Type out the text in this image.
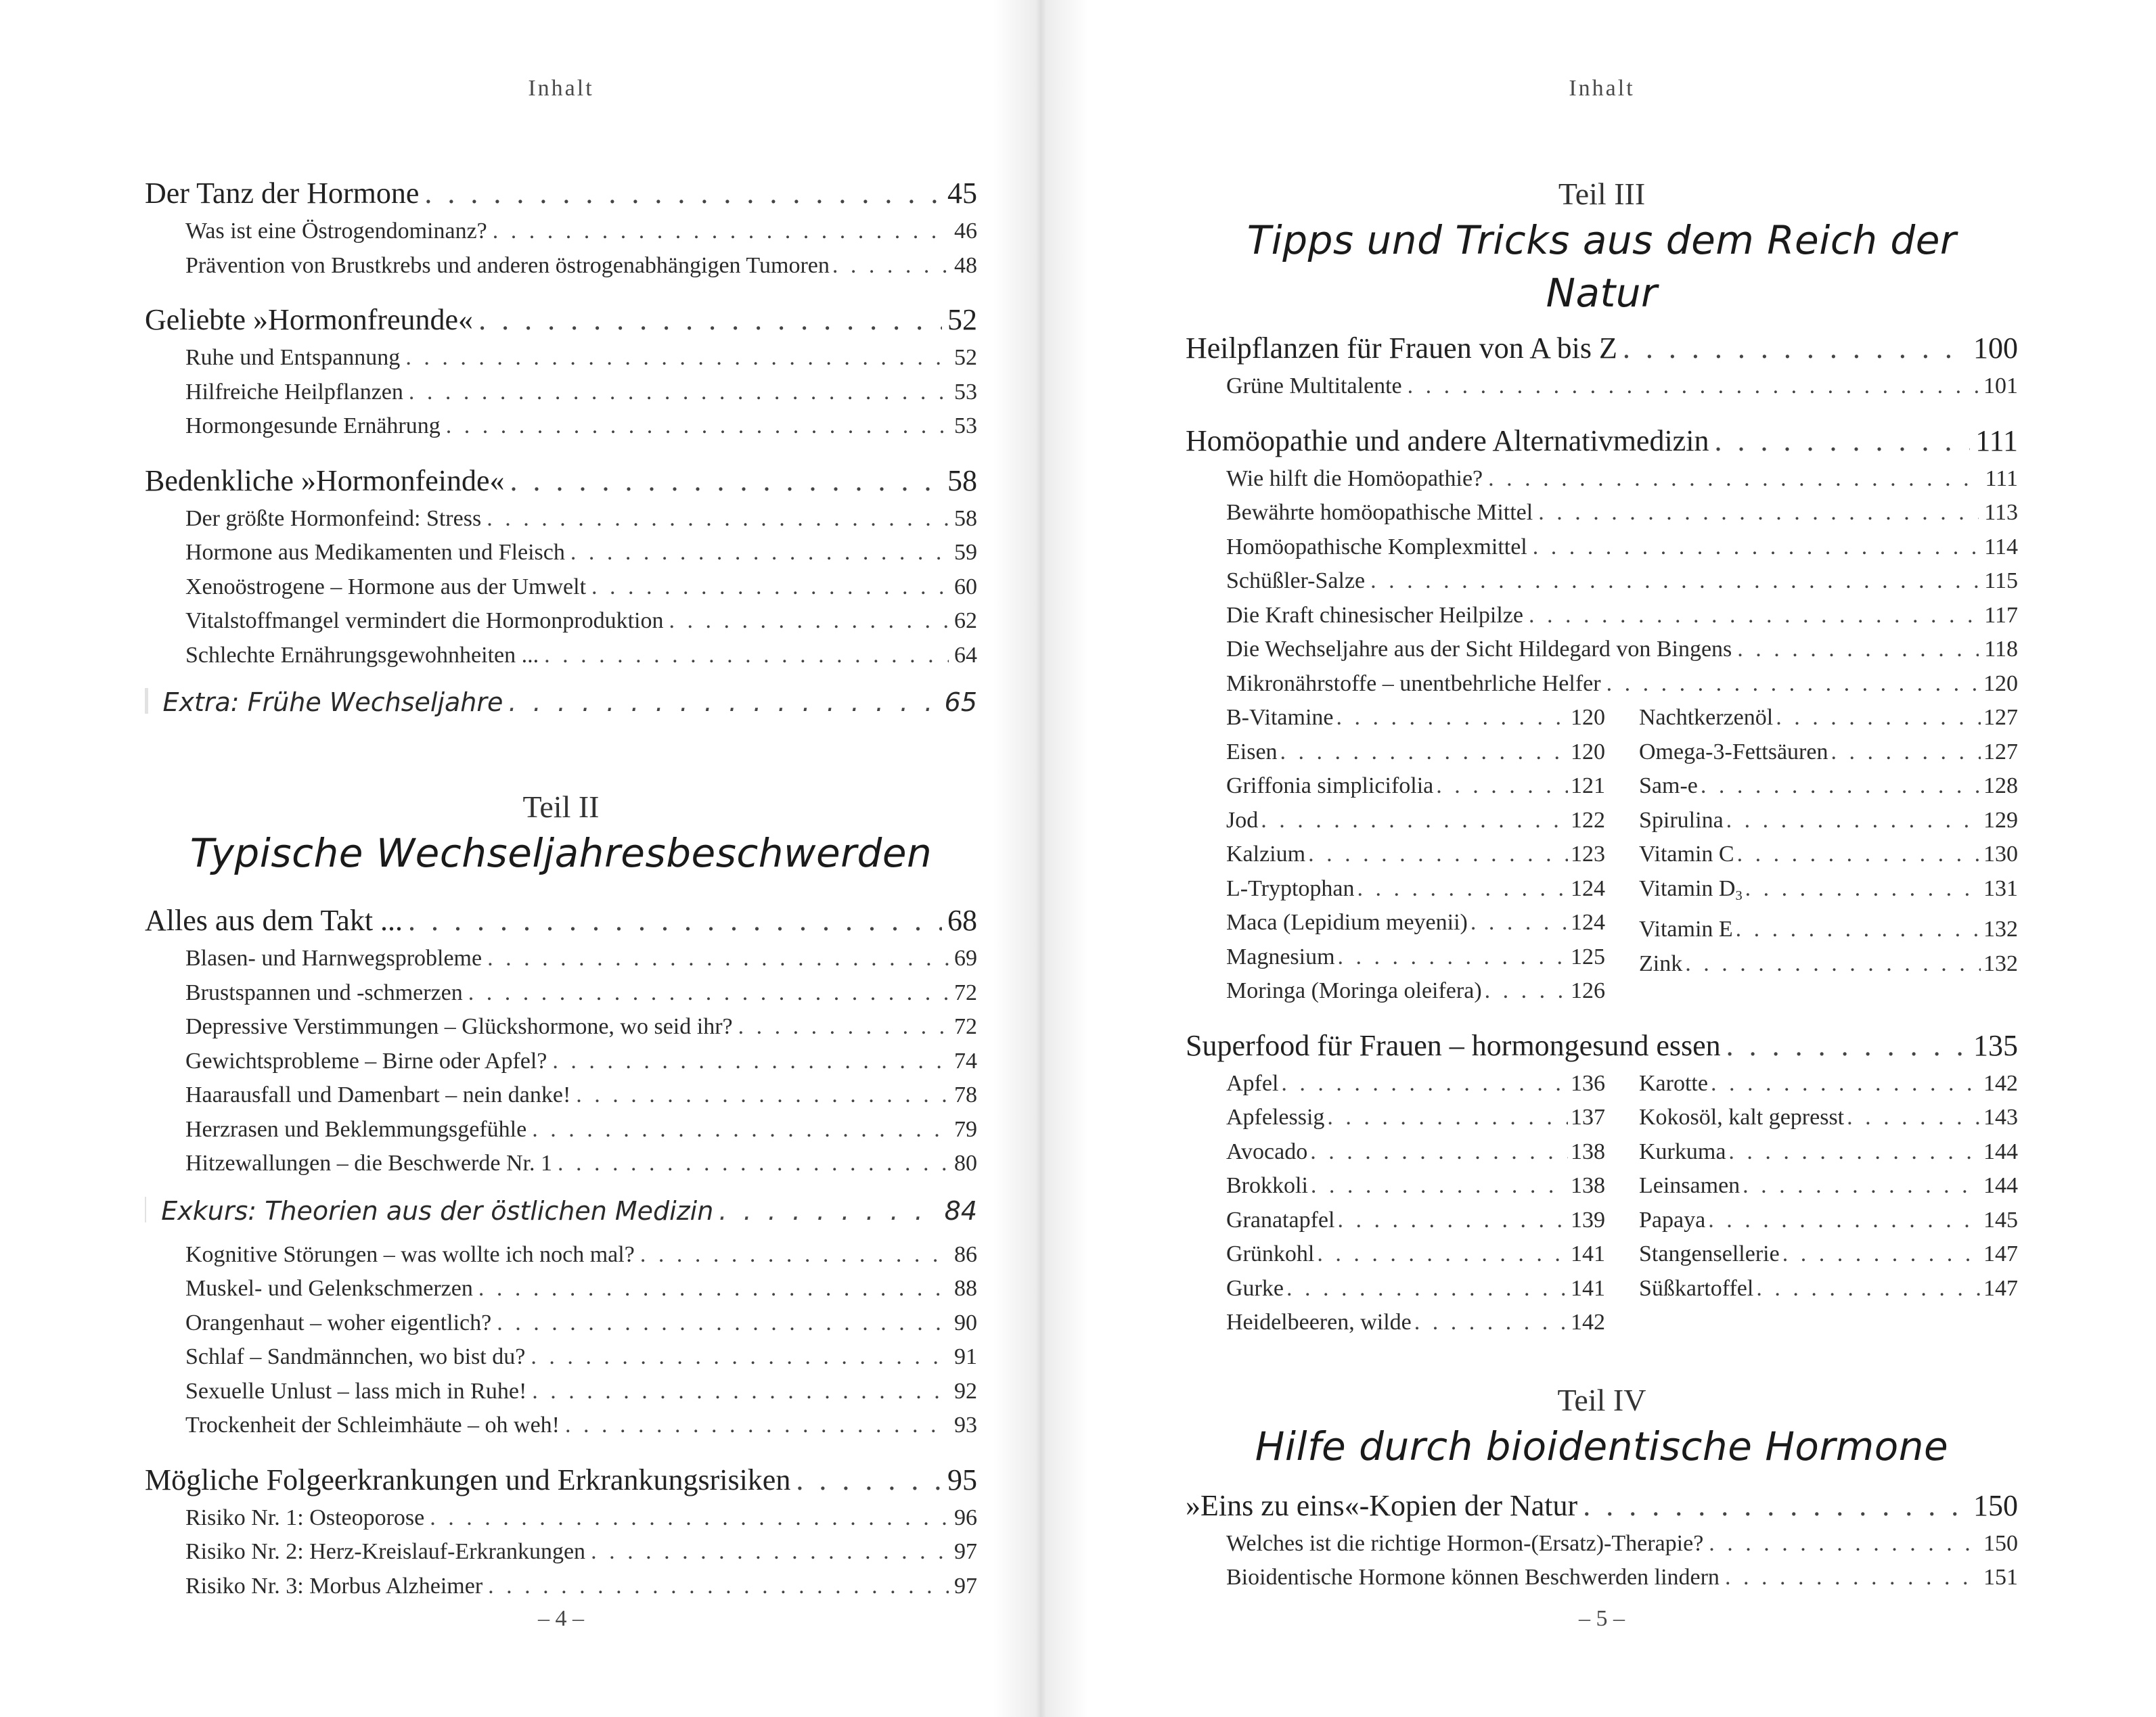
Inhalt
Der Tanz der Hormone . . .	45
Was ist eine Östrogendominanz? . . .	46
Prävention von Brustkrebs und anderen östrogenabhängigen Tumoren . . .	48
Geliebte »Hormonfreunde« . . .	52
Ruhe und Entspannung . . .	52
Hilfreiche Heilpflanzen . . .	53
Hormongesunde Ernährung . . .	53
Bedenkliche »Hormonfeinde« . . .	58
Der größte Hormonfeind: Stress . . .	58
Hormone aus Medikamenten und Fleisch . . .	59
Xenoöstrogene – Hormone aus der Umwelt . . .	60
Vitalstoffmangel vermindert die Hormonproduktion . . .	62
Schlechte Ernährungsgewohnheiten ... . . .	64
Extra: Frühe Wechseljahre . . .	65
Teil II
Typische Wechseljahresbeschwerden
Alles aus dem Takt ... . . .	68
Blasen- und Harnwegsprobleme . . .	69
Brustspannen und -schmerzen . . .	72
Depressive Verstimmungen – Glückshormone, wo seid ihr? . . .	72
Gewichtsprobleme – Birne oder Apfel? . . .	74
Haarausfall und Damenbart – nein danke! . . .	78
Herzrasen und Beklemmungsgefühle . . .	79
Hitzewallungen – die Beschwerde Nr. 1 . . .	80
Exkurs: Theorien aus der östlichen Medizin . . .	84
Kognitive Störungen – was wollte ich noch mal? . . .	86
Muskel- und Gelenkschmerzen . . .	88
Orangenhaut – woher eigentlich? . . .	90
Schlaf – Sandmännchen, wo bist du? . . .	91
Sexuelle Unlust – lass mich in Ruhe! . . .	92
Trockenheit der Schleimhäute – oh weh! . . .	93
Mögliche Folgeerkrankungen und Erkrankungsrisiken . . .	95
Risiko Nr. 1: Osteoporose . . .	96
Risiko Nr. 2: Herz-Kreislauf-Erkrankungen . . .	97
Risiko Nr. 3: Morbus Alzheimer . . .	97
– 4 –
Inhalt
Teil III
Tipps und Tricks aus dem Reich der Natur
Heilpflanzen für Frauen von A bis Z . . .	100
Grüne Multitalente . . .	101
Homöopathie und andere Alternativmedizin . . .	111
Wie hilft die Homöopathie? . . .	111
Bewährte homöopathische Mittel . . .	113
Homöopathische Komplexmittel . . .	114
Schüßler-Salze . . .	115
Die Kraft chinesischer Heilpilze . . .	117
Die Wechseljahre aus der Sicht Hildegard von Bingens . . .	118
Mikronährstoffe – unentbehrliche Helfer . . .	120
B-Vitamine . . .	120
Eisen . . .	120
Griffonia simplicifolia . . .	121
Jod . . .	122
Kalzium . . .	123
L-Tryptophan . . .	124
Maca (Lepidium meyenii) . . .	124
Magnesium . . .	125
Moringa (Moringa oleifera) . . .	126
Nachtkerzenöl . . .	127
Omega-3-Fettsäuren . . .	127
Sam-e . . .	128
Spirulina . . .	129
Vitamin C . . .	130
Vitamin $D_3$ . . .	131
Vitamin E . . .	132
Zink . . .	132
Superfood für Frauen – hormongesund essen . . .	135
Apfel . . .	136
Apfelessig . . .	137
Avocado . . .	138
Brokkoli . . .	138
Granatapfel . . .	139
Grünkohl . . .	141
Gurke . . .	141
Heidelbeeren, wilde . . .	142
Karotte . . .	142
Kokosöl, kalt gepresst . . .	143
Kurkuma . . .	144
Leinsamen . . .	144
Papaya . . .	145
Stangensellerie . . .	147
Süßkartoffel . . .	147
Teil IV
Hilfe durch bioidentische Hormone
»Eins zu eins«-Kopien der Natur . . .	150
Welches ist die richtige Hormon-(Ersatz)-Therapie? . . .	150
Bioidentische Hormone können Beschwerden lindern . . .	151
– 5 –
